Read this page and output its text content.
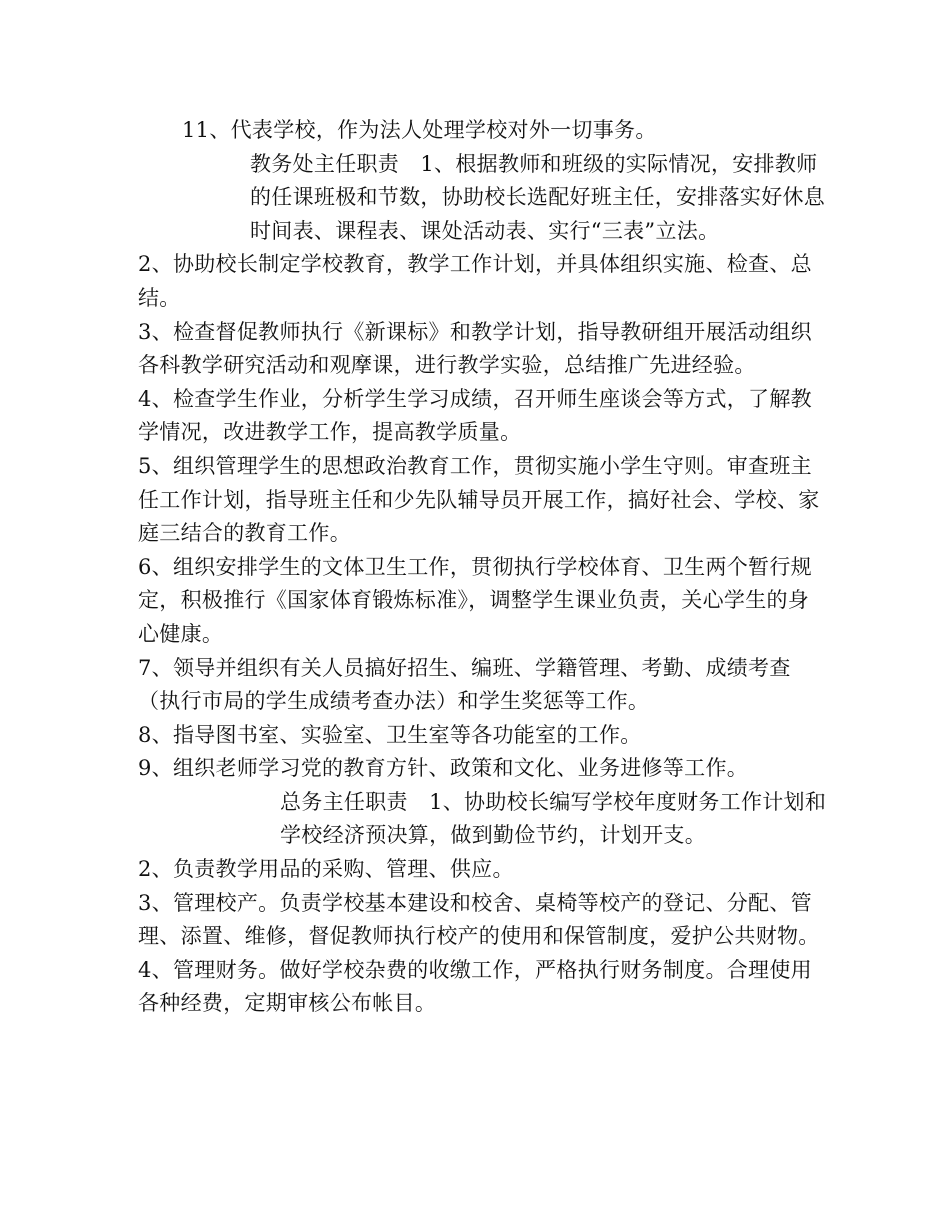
11、代表学校，作为法人处理学校对外一切事务。

教务处主任职责　1、根据教师和班级的实际情况，安排教师的任课班极和节数，协助校长选配好班主任，安排落实好休息时间表、课程表、课处活动表、实行“三表”立法。

2、协助校长制定学校教育，教学工作计划，并具体组织实施、检查、总结。

3、检查督促教师执行《新课标》和教学计划，指导教研组开展活动组织各科教学研究活动和观摩课，进行教学实验，总结推广先进经验。

4、检查学生作业，分析学生学习成绩，召开师生座谈会等方式，了解教学情况，改进教学工作，提高教学质量。

5、组织管理学生的思想政治教育工作，贯彻实施小学生守则。审查班主任工作计划，指导班主任和少先队辅导员开展工作，搞好社会、学校、家庭三结合的教育工作。

6、组织安排学生的文体卫生工作，贯彻执行学校体育、卫生两个暂行规定，积极推行《国家体育锻炼标准》，调整学生课业负责，关心学生的身心健康。

7、领导并组织有关人员搞好招生、编班、学籍管理、考勤、成绩考查（执行市局的学生成绩考查办法）和学生奖惩等工作。

8、指导图书室、实验室、卫生室等各功能室的工作。

9、组织老师学习党的教育方针、政策和文化、业务进修等工作。

总务主任职责　1、协助校长编写学校年度财务工作计划和学校经济预决算，做到勤俭节约，计划开支。

2、负责教学用品的采购、管理、供应。

3、管理校产。负责学校基本建设和校舍、桌椅等校产的登记、分配、管理、添置、维修，督促教师执行校产的使用和保管制度，爱护公共财物。

4、管理财务。做好学校杂费的收缴工作，严格执行财务制度。合理使用各种经费，定期审核公布帐目。
